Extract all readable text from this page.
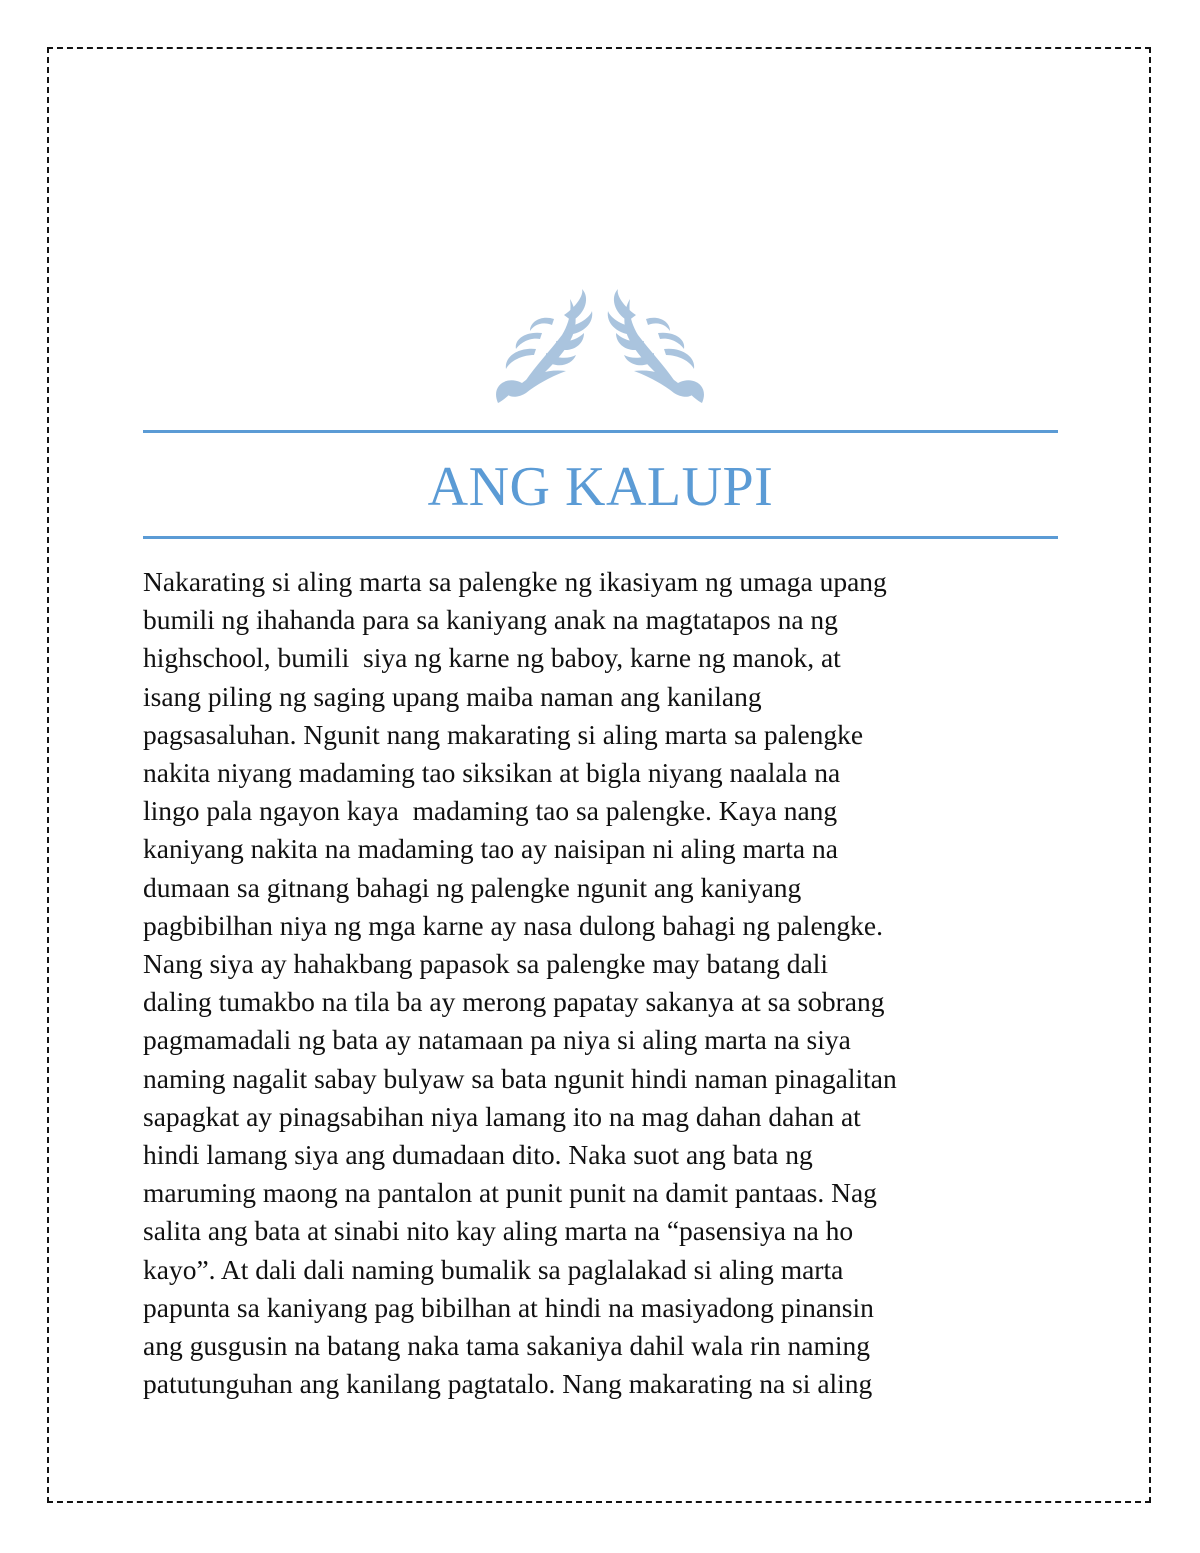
ANG KALUPI
Nakarating si aling marta sa palengke ng ikasiyam ng umaga upang
bumili ng ihahanda para sa kaniyang anak na magtatapos na ng
highschool, bumili  siya ng karne ng baboy, karne ng manok, at
isang piling ng saging upang maiba naman ang kanilang
pagsasaluhan. Ngunit nang makarating si aling marta sa palengke
nakita niyang madaming tao siksikan at bigla niyang naalala na
lingo pala ngayon kaya  madaming tao sa palengke. Kaya nang
kaniyang nakita na madaming tao ay naisipan ni aling marta na
dumaan sa gitnang bahagi ng palengke ngunit ang kaniyang
pagbibilhan niya ng mga karne ay nasa dulong bahagi ng palengke.
Nang siya ay hahakbang papasok sa palengke may batang dali
daling tumakbo na tila ba ay merong papatay sakanya at sa sobrang
pagmamadali ng bata ay natamaan pa niya si aling marta na siya
naming nagalit sabay bulyaw sa bata ngunit hindi naman pinagalitan
sapagkat ay pinagsabihan niya lamang ito na mag dahan dahan at
hindi lamang siya ang dumadaan dito. Naka suot ang bata ng
maruming maong na pantalon at punit punit na damit pantaas. Nag
salita ang bata at sinabi nito kay aling marta na “pasensiya na ho
kayo”. At dali dali naming bumalik sa paglalakad si aling marta
papunta sa kaniyang pag bibilhan at hindi na masiyadong pinansin
ang gusgusin na batang naka tama sakaniya dahil wala rin naming
patutunguhan ang kanilang pagtatalo. Nang makarating na si aling
